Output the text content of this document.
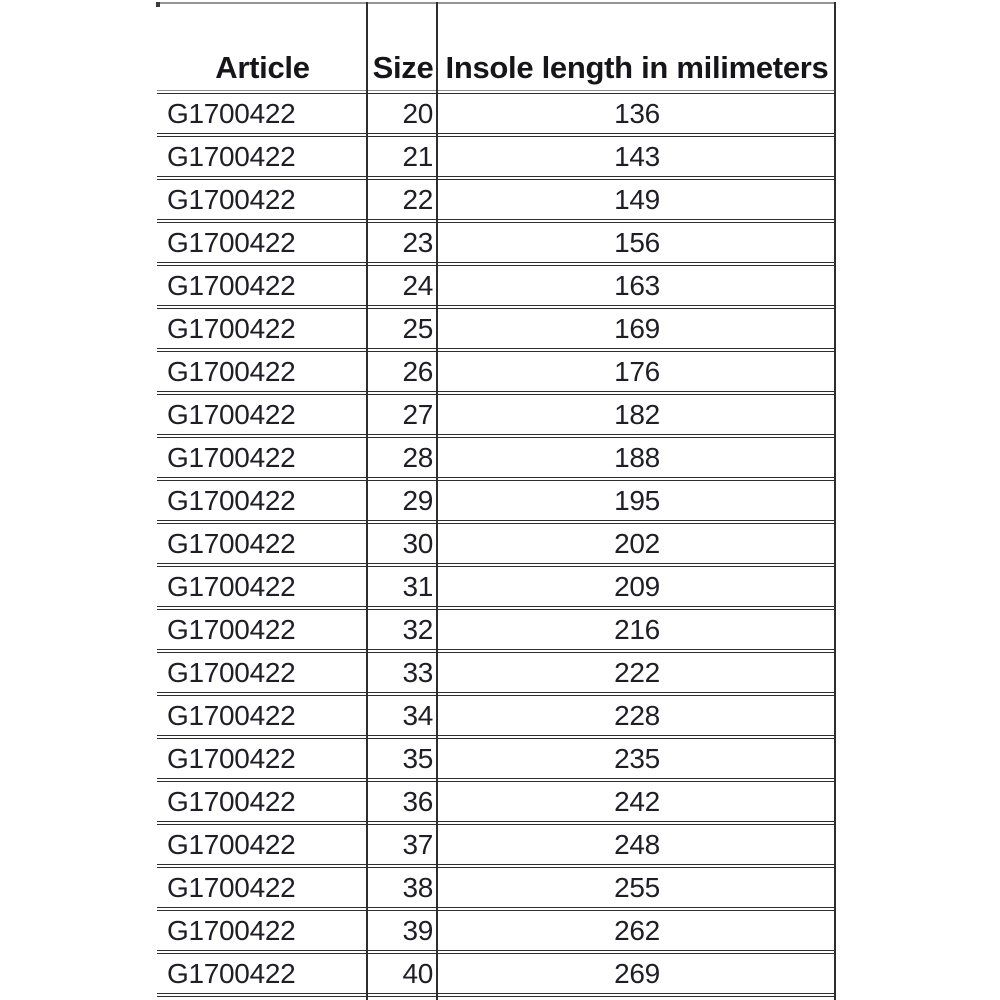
Article	Size	Insole length in milimeters
G1700422	20	136
G1700422	21	143
G1700422	22	149
G1700422	23	156
G1700422	24	163
G1700422	25	169
G1700422	26	176
G1700422	27	182
G1700422	28	188
G1700422	29	195
G1700422	30	202
G1700422	31	209
G1700422	32	216
G1700422	33	222
G1700422	34	228
G1700422	35	235
G1700422	36	242
G1700422	37	248
G1700422	38	255
G1700422	39	262
G1700422	40	269
